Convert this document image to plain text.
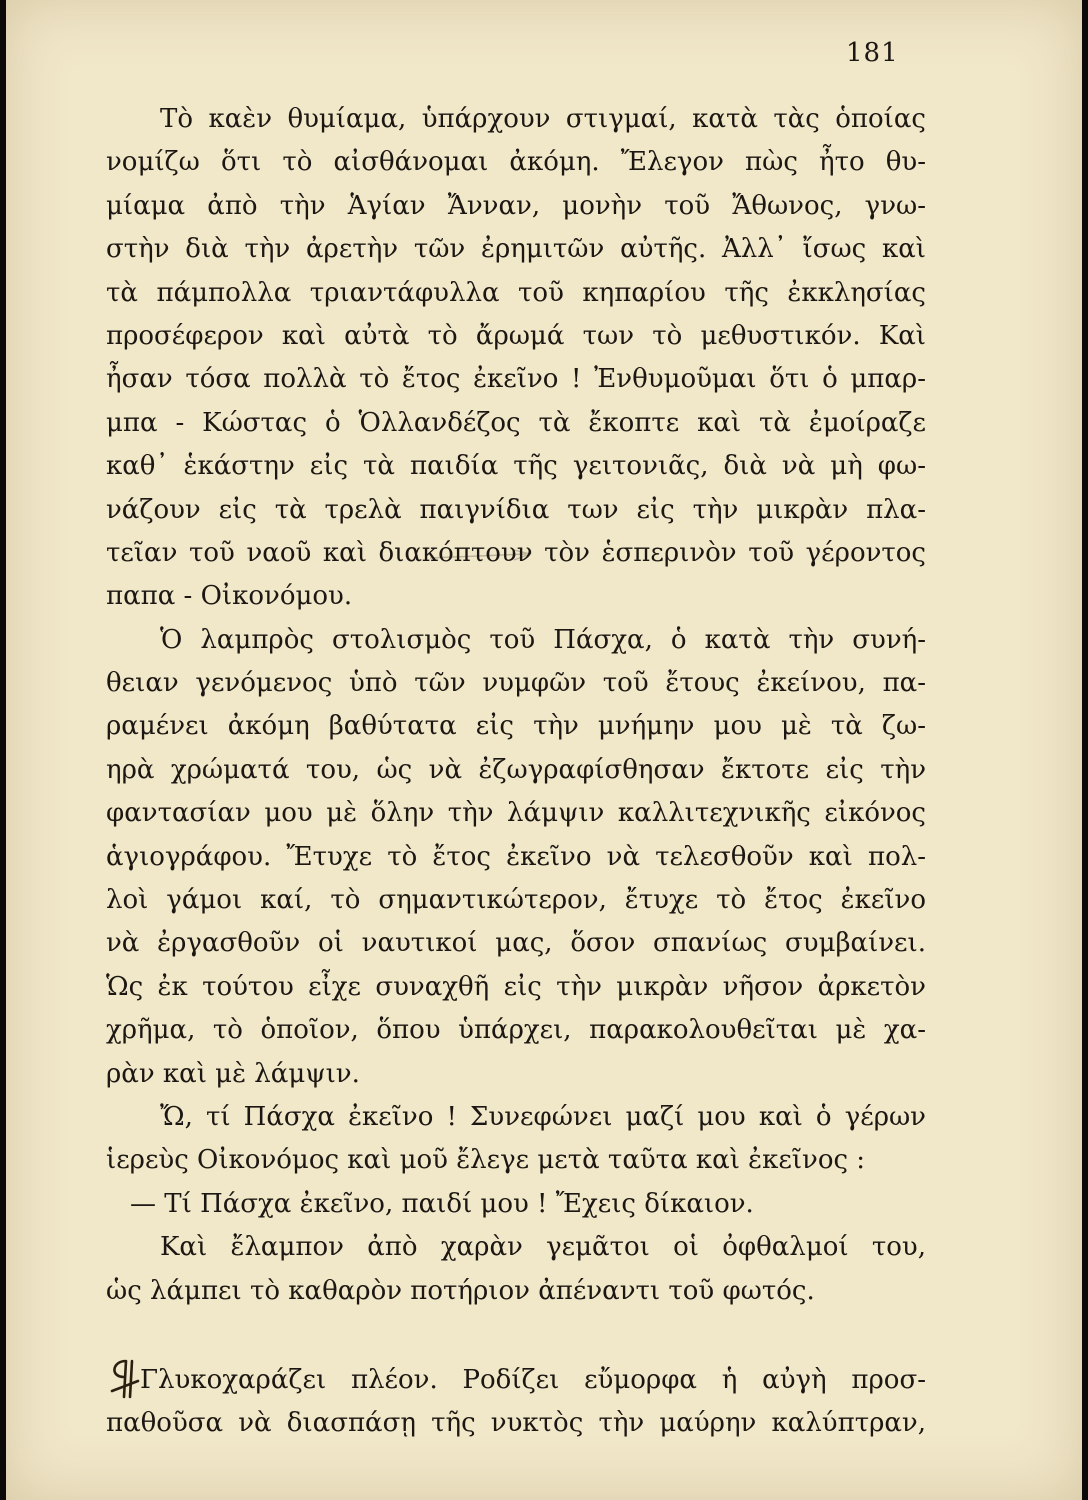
181
Τὸ καὲν θυμίαμα, ὑπάρχουν στιγμαί, κατὰ τὰς ὁποίας
νομίζω ὅτι τὸ αἰσθάνομαι ἀκόμη. Ἔλεγον πὼς ἦτο θυ-
μίαμα ἀπὸ τὴν Ἁγίαν Ἄνναν, μονὴν τοῦ Ἄθωνος, γνω-
στὴν διὰ τὴν ἀρετὴν τῶν ἐρημιτῶν αὐτῆς. Ἀλλ᾽ ἴσως καὶ
τὰ πάμπολλα τριαντάφυλλα τοῦ κηπαρίου τῆς ἐκκλησίας
προσέφερον καὶ αὐτὰ τὸ ἄρωμά των τὸ μεθυστικόν. Καὶ
ἦσαν τόσα πολλὰ τὸ ἔτος ἐκεῖνο ! Ἐνθυμοῦμαι ὅτι ὁ μπαρ-
μπα - Κώστας ὁ Ὁλλανδέζος τὰ ἔκοπτε καὶ τὰ ἐμοίραζε
καθ᾽ ἑκάστην εἰς τὰ παιδία τῆς γειτονιᾶς, διὰ νὰ μὴ φω-
νάζουν εἰς τὰ τρελὰ παιγνίδια των εἰς τὴν μικρὰν πλα-
τεῖαν τοῦ ναοῦ καὶ διακόπτουν τὸν ἑσπερινὸν τοῦ γέροντος
παπα - Οἰκονόμου.
Ὁ λαμπρὸς στολισμὸς τοῦ Πάσχα, ὁ κατὰ τὴν συνή-
θειαν γενόμενος ὑπὸ τῶν νυμφῶν τοῦ ἔτους ἐκείνου, πα-
ραμένει ἀκόμη βαθύτατα εἰς τὴν μνήμην μου μὲ τὰ ζω-
ηρὰ χρώματά του, ὡς νὰ ἐζωγραφίσθησαν ἔκτοτε εἰς τὴν
φαντασίαν μου μὲ ὅλην τὴν λάμψιν καλλιτεχνικῆς εἰκόνος
ἁγιογράφου. Ἔτυχε τὸ ἔτος ἐκεῖνο νὰ τελεσθοῦν καὶ πολ-
λοὶ γάμοι καί, τὸ σημαντικώτερον, ἔτυχε τὸ ἔτος ἐκεῖνο
νὰ ἐργασθοῦν οἱ ναυτικοί μας, ὅσον σπανίως συμβαίνει.
Ὡς ἐκ τούτου εἶχε συναχθῆ εἰς τὴν μικρὰν νῆσον ἀρκετὸν
χρῆμα, τὸ ὁποῖον, ὅπου ὑπάρχει, παρακολουθεῖται μὲ χα-
ρὰν καὶ μὲ λάμψιν.
Ὤ, τί Πάσχα ἐκεῖνο ! Συνεφώνει μαζί μου καὶ ὁ γέρων
ἱερεὺς Οἰκονόμος καὶ μοῦ ἔλεγε μετὰ ταῦτα καὶ ἐκεῖνος :
— Τί Πάσχα ἐκεῖνο, παιδί μου ! Ἔχεις δίκαιον.
Καὶ ἔλαμπον ἀπὸ χαρὰν γεμᾶτοι οἱ ὀφθαλμοί του,
ὡς λάμπει τὸ καθαρὸν ποτήριον ἀπέναντι τοῦ φωτός.
Γλυκοχαράζει πλέον. Ροδίζει εὔμορφα ἡ αὐγὴ προσ-
παθοῦσα νὰ διασπάσῃ τῆς νυκτὸς τὴν μαύρην καλύπτραν,
